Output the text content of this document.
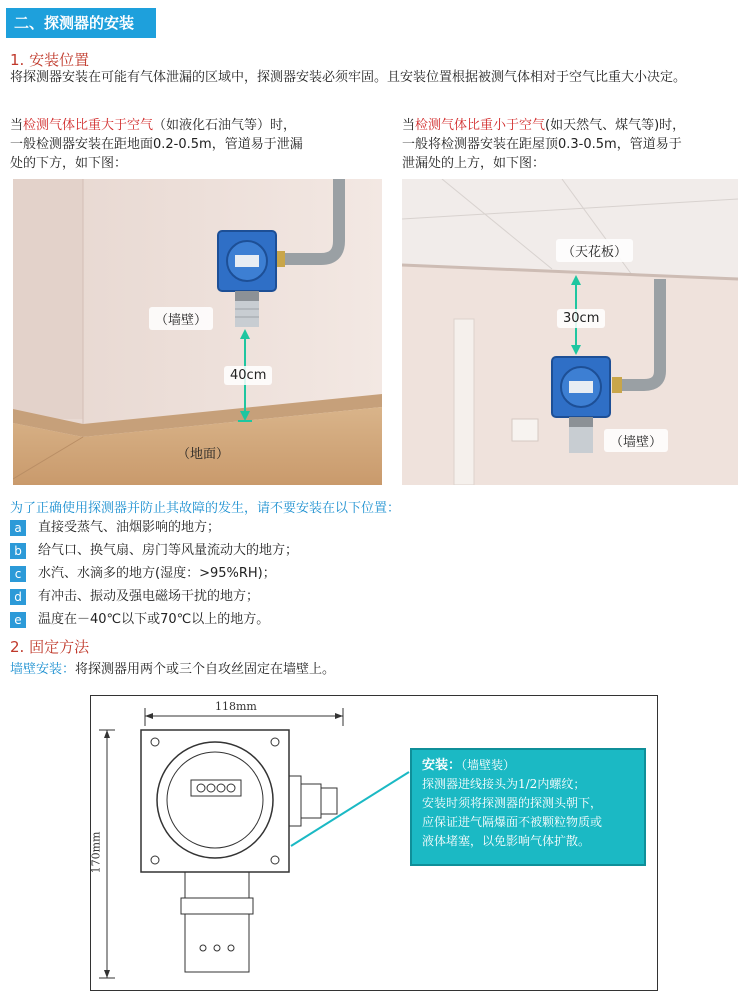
二、探测器的安装
1. 安装位置
将探测器安装在可能有气体泄漏的区域中，探测器安装必须牢固。且安装位置根据被测气体相对于空气比重大小决定。
当检测气体比重大于空气（如液化石油气等）时，
一般检测器安装在距地面0.2-0.5m，管道易于泄漏
处的下方，如下图：
当检测气体比重小于空气(如天然气、煤气等)时，
一般将检测器安装在距屋顶0.3-0.5m，管道易于
泄漏处的上方，如下图：
（墙壁）
40cm
（地面）
（天花板）
30cm
（墙壁）
为了正确使用探测器并防止其故障的发生，请不要安装在以下位置：
a 直接受蒸气、油烟影响的地方；
b 给气口、换气扇、房门等风量流动大的地方；
c 水汽、水滴多的地方(湿度：>95%RH)；
d 有冲击、振动及强电磁场干扰的地方；
e 温度在－40℃以下或70℃以上的地方。
2. 固定方法
墙壁安装：将探测器用两个或三个自攻丝固定在墙壁上。
118mm
170mm
安装：（墙壁装）
探测器进线接头为1/2内螺纹；
安装时须将探测器的探测头朝下，
应保证进气隔爆面不被颗粒物质或
液体堵塞，以免影响气体扩散。
